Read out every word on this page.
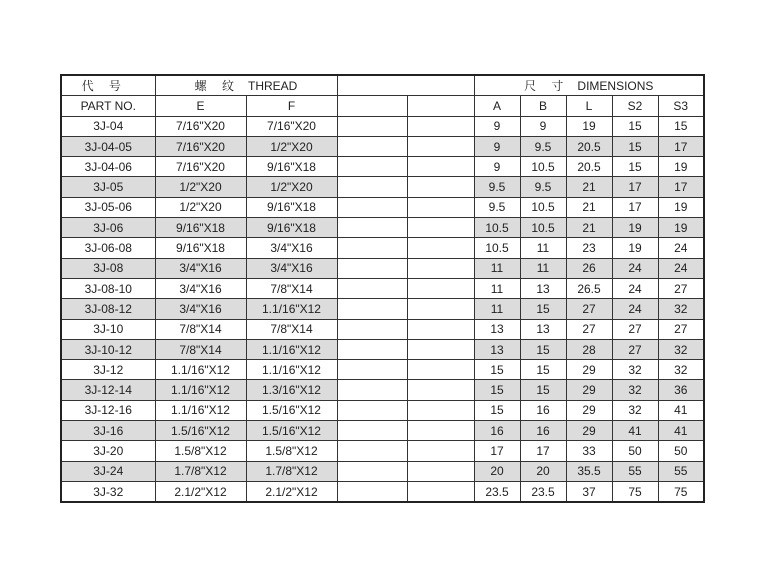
代 号	螺 纹 THREAD				尺 寸 DIMENSIONS				
PART NO.	E	F			A	B	L	S2	S3
3J-04	7/16"X20	7/16"X20			9	9	19	15	15
3J-04-05	7/16"X20	1/2"X20			9	9.5	20.5	15	17
3J-04-06	7/16"X20	9/16"X18			9	10.5	20.5	15	19
3J-05	1/2"X20	1/2"X20			9.5	9.5	21	17	17
3J-05-06	1/2"X20	9/16"X18			9.5	10.5	21	17	19
3J-06	9/16"X18	9/16"X18			10.5	10.5	21	19	19
3J-06-08	9/16"X18	3/4"X16			10.5	11	23	19	24
3J-08	3/4"X16	3/4"X16			11	11	26	24	24
3J-08-10	3/4"X16	7/8"X14			11	13	26.5	24	27
3J-08-12	3/4"X16	1.1/16"X12			11	15	27	24	32
3J-10	7/8"X14	7/8"X14			13	13	27	27	27
3J-10-12	7/8"X14	1.1/16"X12			13	15	28	27	32
3J-12	1.1/16"X12	1.1/16"X12			15	15	29	32	32
3J-12-14	1.1/16"X12	1.3/16"X12			15	15	29	32	36
3J-12-16	1.1/16"X12	1.5/16"X12			15	16	29	32	41
3J-16	1.5/16"X12	1.5/16"X12			16	16	29	41	41
3J-20	1.5/8"X12	1.5/8"X12			17	17	33	50	50
3J-24	1.7/8"X12	1.7/8"X12			20	20	35.5	55	55
3J-32	2.1/2"X12	2.1/2"X12			23.5	23.5	37	75	75
